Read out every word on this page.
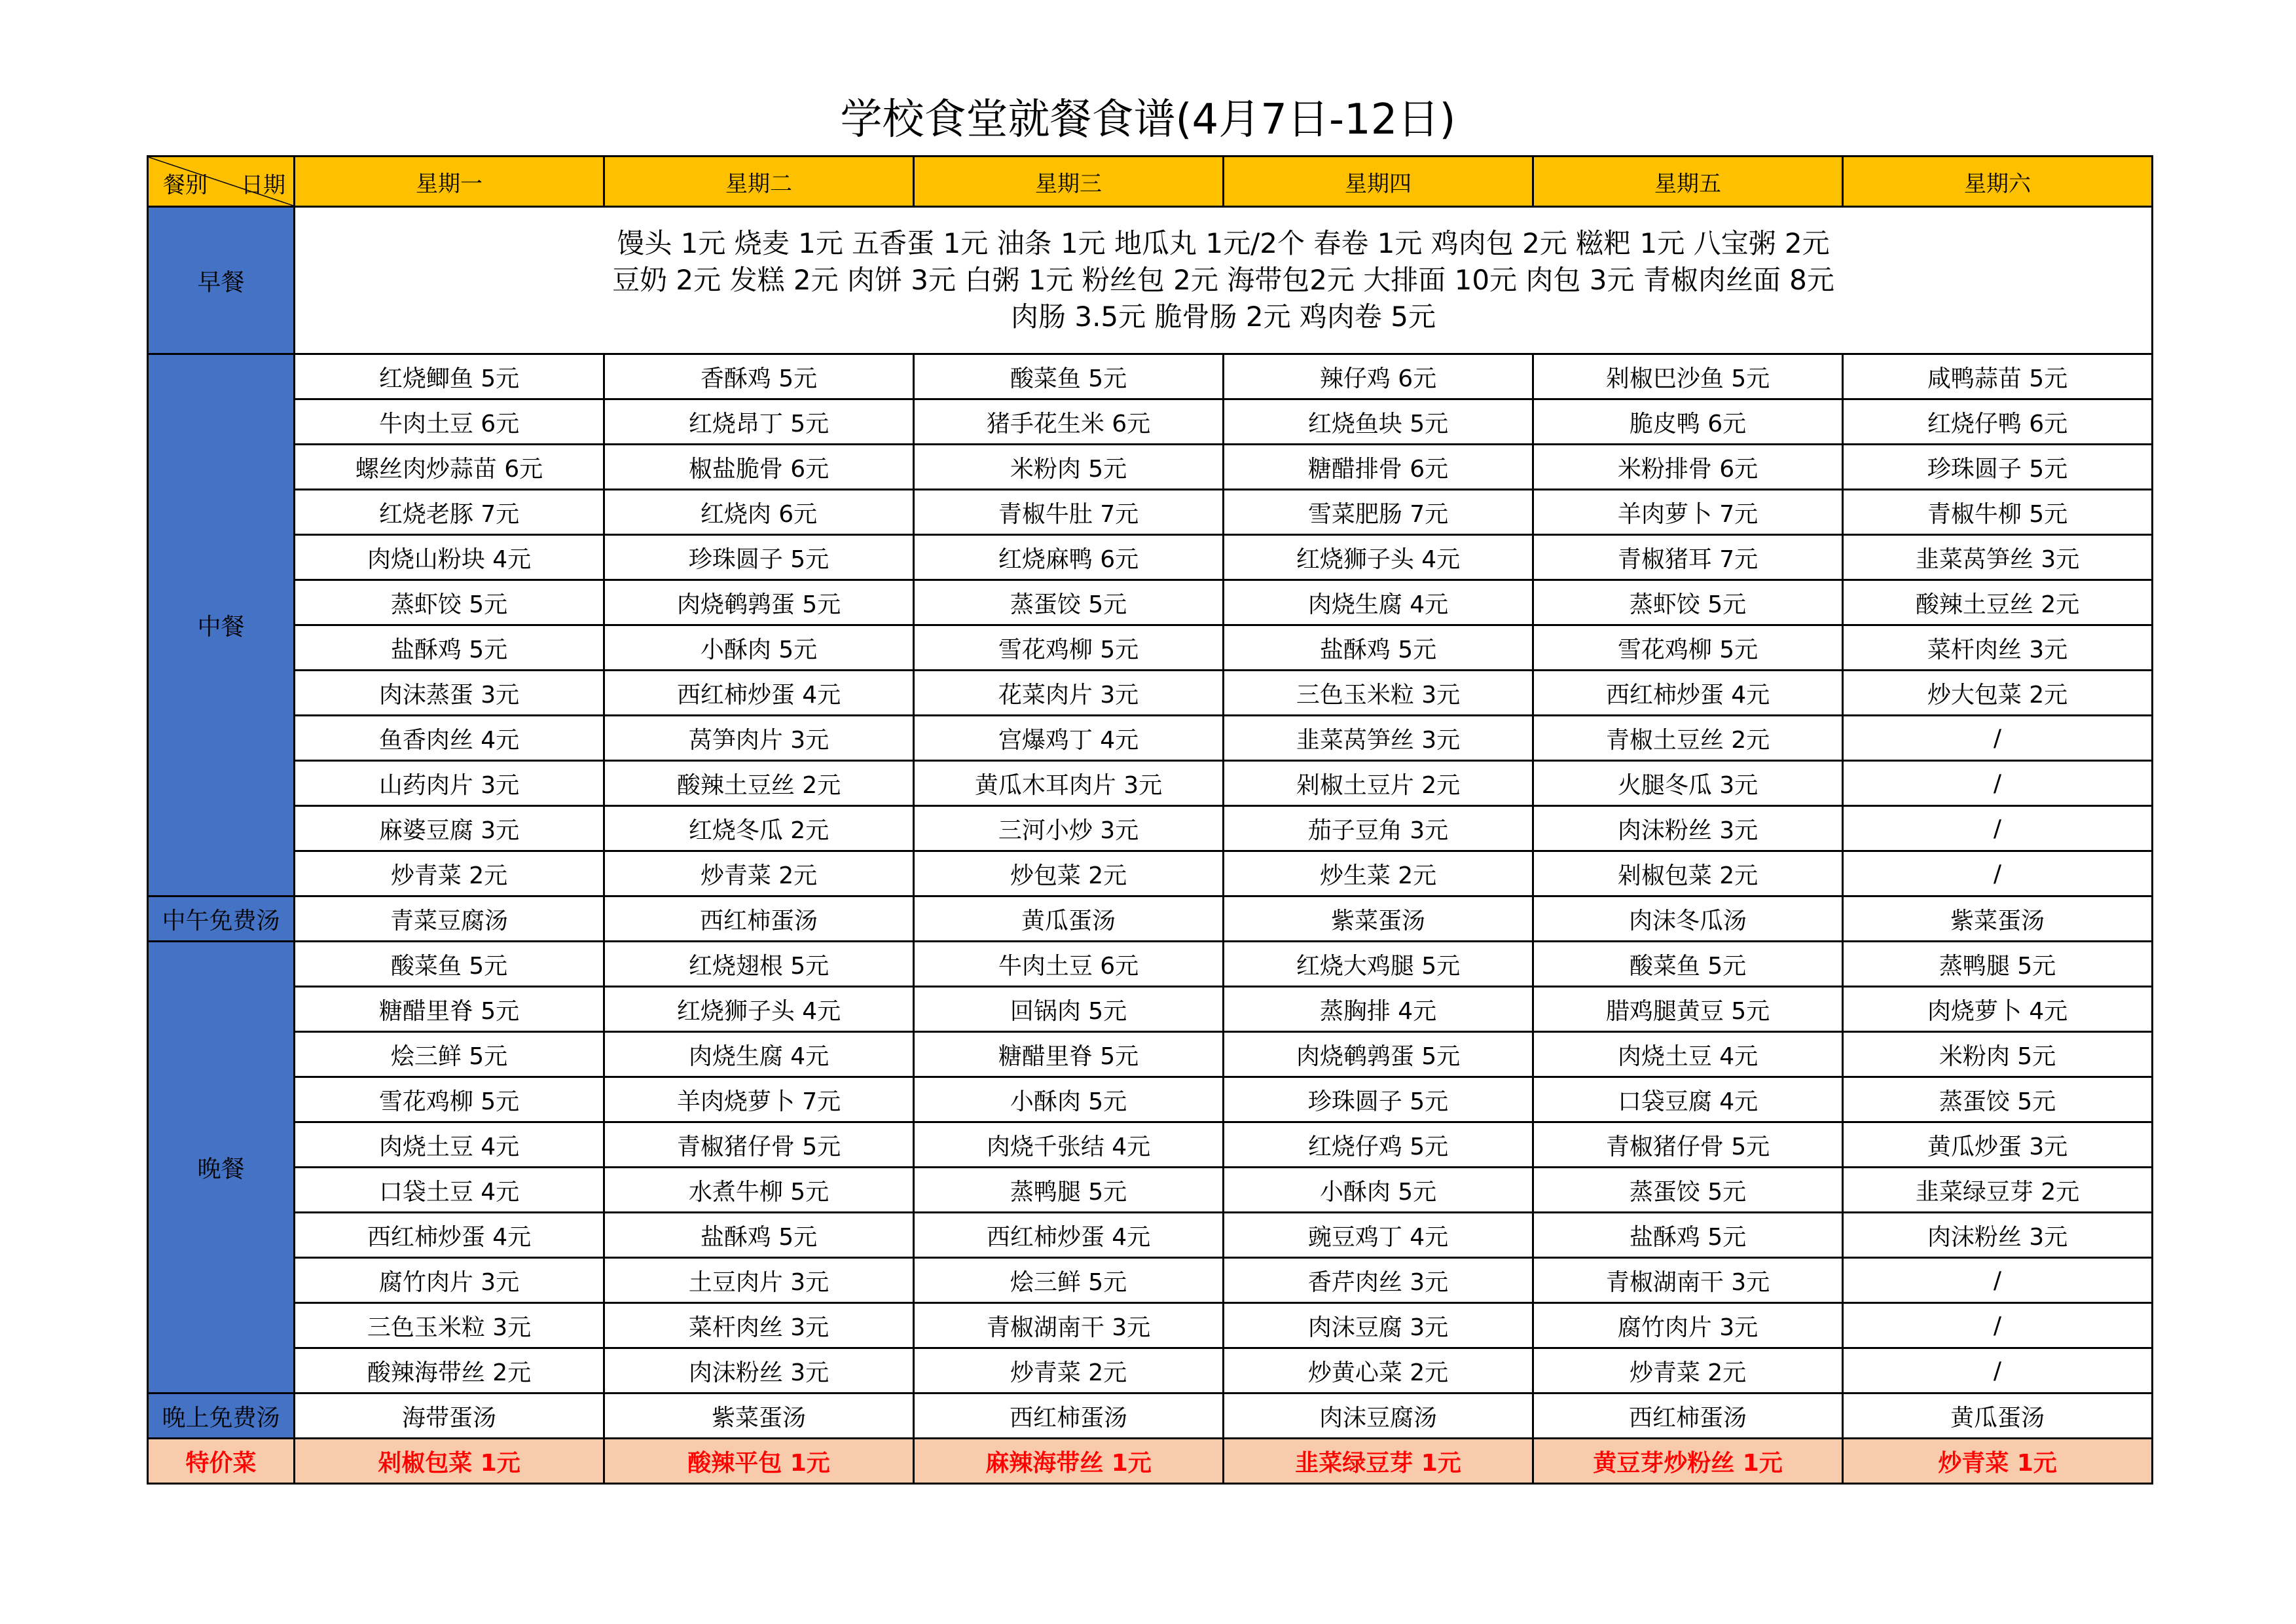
学校食堂就餐食谱(4月7日-12日)
餐别 日期	星期一	星期二	星期三	星期四	星期五	星期六
早餐	馒头 1元 烧麦 1元 五香蛋 1元 油条 1元 地瓜丸 1元/2个 春卷 1元 鸡肉包 2元 糍粑 1元 八宝粥 2元
豆奶 2元 发糕 2元 肉饼 3元 白粥 1元 粉丝包 2元 海带包2元 大排面 10元 肉包 3元 青椒肉丝面 8元
肉肠 3.5元 脆骨肠 2元 鸡肉卷 5元					

中餐	红烧鲫鱼 5元	香酥鸡 5元	酸菜鱼 5元	辣仔鸡 6元	剁椒巴沙鱼 5元	咸鸭蒜苗 5元
	牛肉土豆 6元	红烧昂丁 5元	猪手花生米 6元	红烧鱼块 5元	脆皮鸭 6元	红烧仔鸭 6元
	螺丝肉炒蒜苗 6元	椒盐脆骨 6元	米粉肉 5元	糖醋排骨 6元	米粉排骨 6元	珍珠圆子 5元
	红烧老豚 7元	红烧肉 6元	青椒牛肚 7元	雪菜肥肠 7元	羊肉萝卜 7元	青椒牛柳 5元
	肉烧山粉块 4元	珍珠圆子 5元	红烧麻鸭 6元	红烧狮子头 4元	青椒猪耳 7元	韭菜莴笋丝 3元
	蒸虾饺 5元	肉烧鹌鹑蛋 5元	蒸蛋饺 5元	肉烧生腐 4元	蒸虾饺 5元	酸辣土豆丝 2元
	盐酥鸡 5元	小酥肉 5元	雪花鸡柳 5元	盐酥鸡 5元	雪花鸡柳 5元	菜杆肉丝 3元
	肉沫蒸蛋 3元	西红柿炒蛋 4元	花菜肉片 3元	三色玉米粒 3元	西红柿炒蛋 4元	炒大包菜 2元
	鱼香肉丝 4元	莴笋肉片 3元	宫爆鸡丁 4元	韭菜莴笋丝 3元	青椒土豆丝 2元	/
	山药肉片 3元	酸辣土豆丝 2元	黄瓜木耳肉片 3元	剁椒土豆片 2元	火腿冬瓜 3元	/
	麻婆豆腐 3元	红烧冬瓜 2元	三河小炒 3元	茄子豆角 3元	肉沫粉丝 3元	/
	炒青菜 2元	炒青菜 2元	炒包菜 2元	炒生菜 2元	剁椒包菜 2元	/
中午免费汤	青菜豆腐汤	西红柿蛋汤	黄瓜蛋汤	紫菜蛋汤	肉沫冬瓜汤	紫菜蛋汤
晚餐	酸菜鱼 5元	红烧翅根 5元	牛肉土豆 6元	红烧大鸡腿 5元	酸菜鱼 5元	蒸鸭腿 5元
	糖醋里脊 5元	红烧狮子头 4元	回锅肉 5元	蒸胸排 4元	腊鸡腿黄豆 5元	肉烧萝卜 4元
	烩三鲜 5元	肉烧生腐 4元	糖醋里脊 5元	肉烧鹌鹑蛋 5元	肉烧土豆 4元	米粉肉 5元
	雪花鸡柳 5元	羊肉烧萝卜 7元	小酥肉 5元	珍珠圆子 5元	口袋豆腐 4元	蒸蛋饺 5元
	肉烧土豆 4元	青椒猪仔骨 5元	肉烧千张结 4元	红烧仔鸡 5元	青椒猪仔骨 5元	黄瓜炒蛋 3元
	口袋土豆 4元	水煮牛柳 5元	蒸鸭腿 5元	小酥肉 5元	蒸蛋饺 5元	韭菜绿豆芽 2元
	西红柿炒蛋 4元	盐酥鸡 5元	西红柿炒蛋 4元	豌豆鸡丁 4元	盐酥鸡 5元	肉沫粉丝 3元
	腐竹肉片 3元	土豆肉片 3元	烩三鲜 5元	香芹肉丝 3元	青椒湖南干 3元	/
	三色玉米粒 3元	菜杆肉丝 3元	青椒湖南干 3元	肉沫豆腐 3元	腐竹肉片 3元	/
	酸辣海带丝 2元	肉沫粉丝 3元	炒青菜 2元	炒黄心菜 2元	炒青菜 2元	/
晚上免费汤	海带蛋汤	紫菜蛋汤	西红柿蛋汤	肉沫豆腐汤	西红柿蛋汤	黄瓜蛋汤
特价菜	剁椒包菜 1元	酸辣平包 1元	麻辣海带丝 1元	韭菜绿豆芽 1元	黄豆芽炒粉丝 1元	炒青菜 1元
